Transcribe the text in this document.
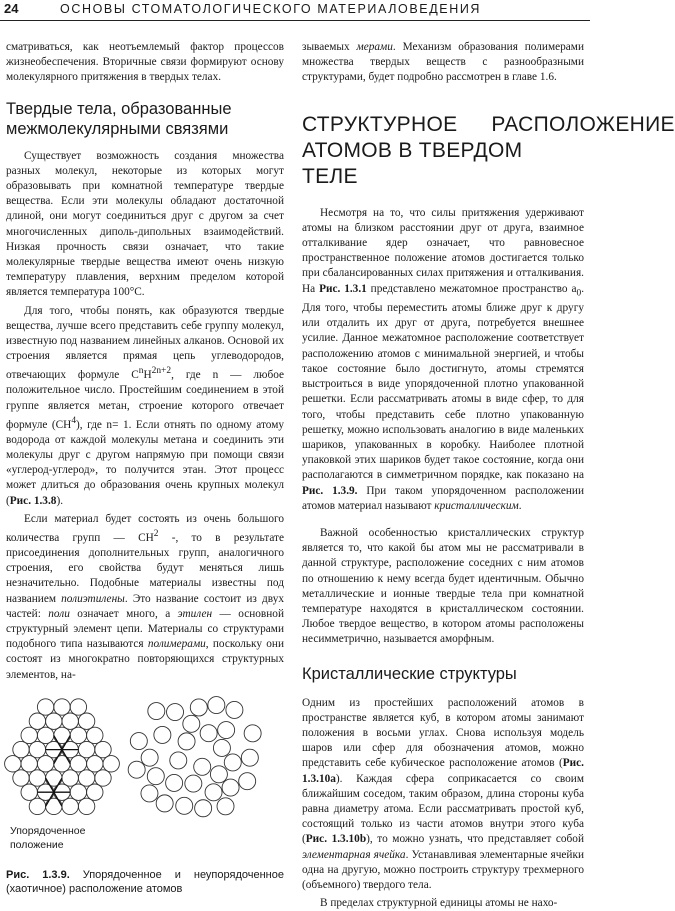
24	ОСНОВЫ СТОМАТОЛОГИЧЕСКОГО МАТЕРИАЛОВЕДЕНИЯ

сматриваться, как неотъемлемый фактор процессов жизнеобеспечения. Вторичные связи формируют основу молекулярного притяжения в твердых телах.

Твердые тела, образованные
межмолекулярными связями

Существует возможность создания множества разных молекул, некоторые из которых могут образовывать при комнатной температуре твердые вещества. Если эти молекулы обладают достаточной длиной, они могут соединиться друг с другом за счет многочисленных диполь-дипольных взаимодействий. Низкая прочность связи означает, что такие молекулярные твердые вещества имеют очень низкую температуру плавления, верхним пределом которой является температура 100°С.

Для того, чтобы понять, как образуются твердые вещества, лучше всего представить себе группу молекул, известную под названием линейных алканов. Основой их строения является прямая цепь углеводородов, отвечающих формуле $C^nH^{2n+2}$, где n — любое положительное число. Простейшим соединением в этой группе является метан, строение которого отвечает формуле $(СН^4)$, где n= 1. Если отнять по одному атому водорода от каждой молекулы метана и соединить эти молекулы друг с другом напрямую при помощи связи «углерод-углерод», то получится этан. Этот процесс может длиться до образования очень крупных молекул (Рис. 1.3.8).

Если материал будет состоять из очень большого количества групп — $СН^2$ -, то в результате присоединения дополнительных групп, аналогичного строения, его свойства будут меняться лишь незначительно. Подобные материалы известны под названием полиэтилены. Это название состоит из двух частей: поли означает много, а этилен — основной структурный элемент цепи. Материалы со структурами подобного типа называются полимерами, поскольку они состоят из многократно повторяющихся структурных элементов, на-

Упорядоченное положение

Рис. 1.3.9. Упорядоченное и неупорядоченное (хаотичное) расположение атомов

зываемых мерами. Механизм образования полимерами множества твердых веществ с разнообразными структурами, будет подробно рассмотрен в главе 1.6.

СТРУКТУРНОЕ РАСПОЛОЖЕНИЕ
АТОМОВ В ТВЕРДОМ ТЕЛЕ

Несмотря на то, что силы притяжения удерживают атомы на близком расстоянии друг от друга, взаимное отталкивание ядер означает, что равновесное пространственное положение атомов достигается только при сбалансированных силах притяжения и отталкивания. На Рис. 1.3.1 представлено межатомное пространство $a_0$. Для того, чтобы переместить атомы ближе друг к другу или отдалить их друг от друга, потребуется внешнее усилие. Данное межатомное расположение соответствует расположению атомов с минимальной энергией, и чтобы такое состояние было достигнуто, атомы стремятся выстроиться в виде упорядоченной плотно упакованной решетки. Если рассматривать атомы в виде сфер, то для того, чтобы представить себе плотно упакованную решетку, можно использовать аналогию в виде маленьких шариков, упакованных в коробку. Наиболее плотной упаковкой этих шариков будет такое состояние, когда они располагаются в симметричном порядке, как показано на Рис. 1.3.9. При таком упорядоченном расположении атомов материал называют кристаллическим.

Важной особенностью кристаллических структур является то, что какой бы атом мы не рассматривали в данной структуре, расположение соседних с ним атомов по отношению к нему всегда будет идентичным. Обычно металлические и ионные твердые тела при комнатной температуре находятся в кристаллическом состоянии. Любое твердое вещество, в котором атомы расположены несимметрично, называется аморфным.

Кристаллические структуры

Одним из простейших расположений атомов в пространстве является куб, в котором атомы занимают положения в восьми углах. Снова используя модель шаров или сфер для обозначения атомов, можно представить себе кубическое расположение атомов (Рис. 1.3.10а). Каждая сфера соприкасается со своим ближайшим соседом, таким образом, длина стороны куба равна диаметру атома. Если рассматривать простой куб, состоящий только из части атомов внутри этого куба (Рис. 1.3.10b), то можно узнать, что представляет собой элементарная ячейка. Устанавливая элементарные ячейки одна на другую, можно построить структуру трехмерного (объемного) твердого тела.

В пределах структурной единицы атомы не нахо-
